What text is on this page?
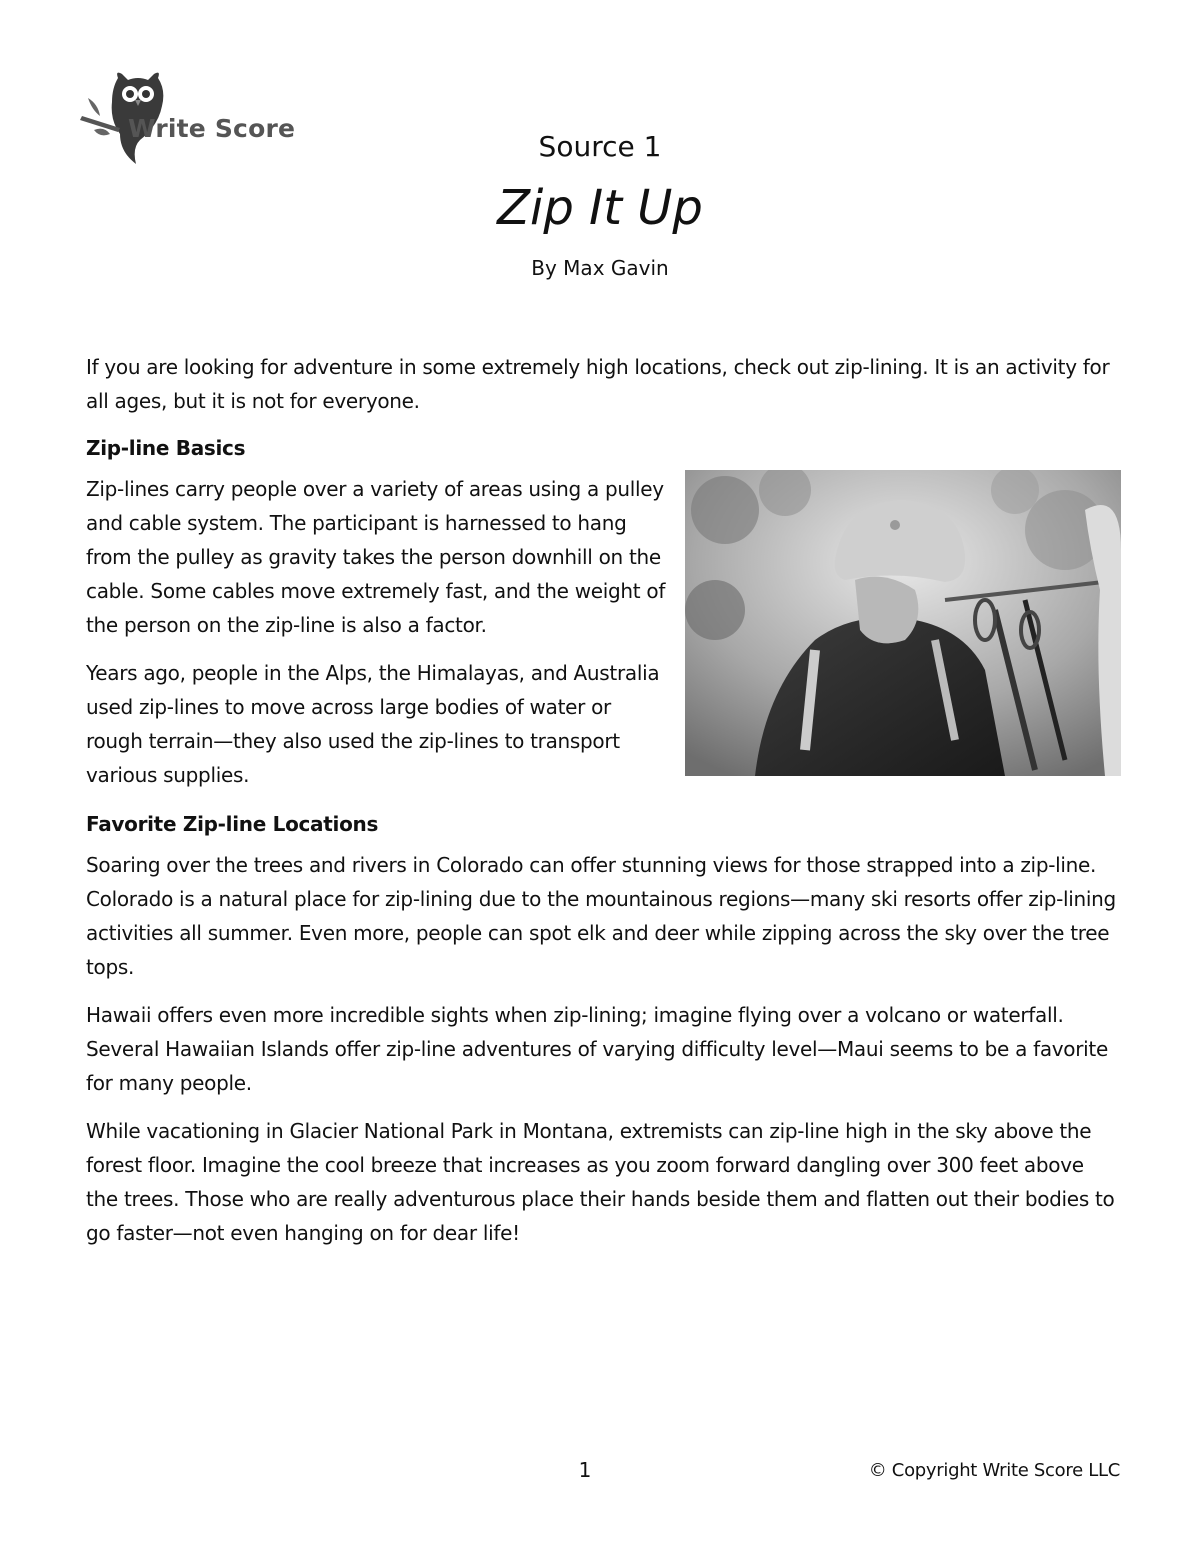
Write Score
Source 1
Zip It Up
By Max Gavin
If you are looking for adventure in some extremely high locations, check out zip-lining. It is an activity for all ages, but it is not for everyone.
Zip-line Basics
Zip-lines carry people over a variety of areas using a pulley and cable system. The participant is harnessed to hang from the pulley as gravity takes the person downhill on the cable. Some cables move extremely fast, and the weight of the person on the zip-line is also a factor.
Years ago, people in the Alps, the Himalayas, and Australia used zip-lines to move across large bodies of water or rough terrain—they also used the zip-lines to transport various supplies.
Favorite Zip-line Locations
Soaring over the trees and rivers in Colorado can offer stunning views for those strapped into a zip-line. Colorado is a natural place for zip-lining due to the mountainous regions—many ski resorts offer zip-lining activities all summer. Even more, people can spot elk and deer while zipping across the sky over the tree tops.
Hawaii offers even more incredible sights when zip-lining; imagine flying over a volcano or waterfall. Several Hawaiian Islands offer zip-line adventures of varying difficulty level—Maui seems to be a favorite for many people.
While vacationing in Glacier National Park in Montana, extremists can zip-line high in the sky above the forest floor. Imagine the cool breeze that increases as you zoom forward dangling over 300 feet above the trees. Those who are really adventurous place their hands beside them and flatten out their bodies to go faster—not even hanging on for dear life!
1	© Copyright Write Score LLC
